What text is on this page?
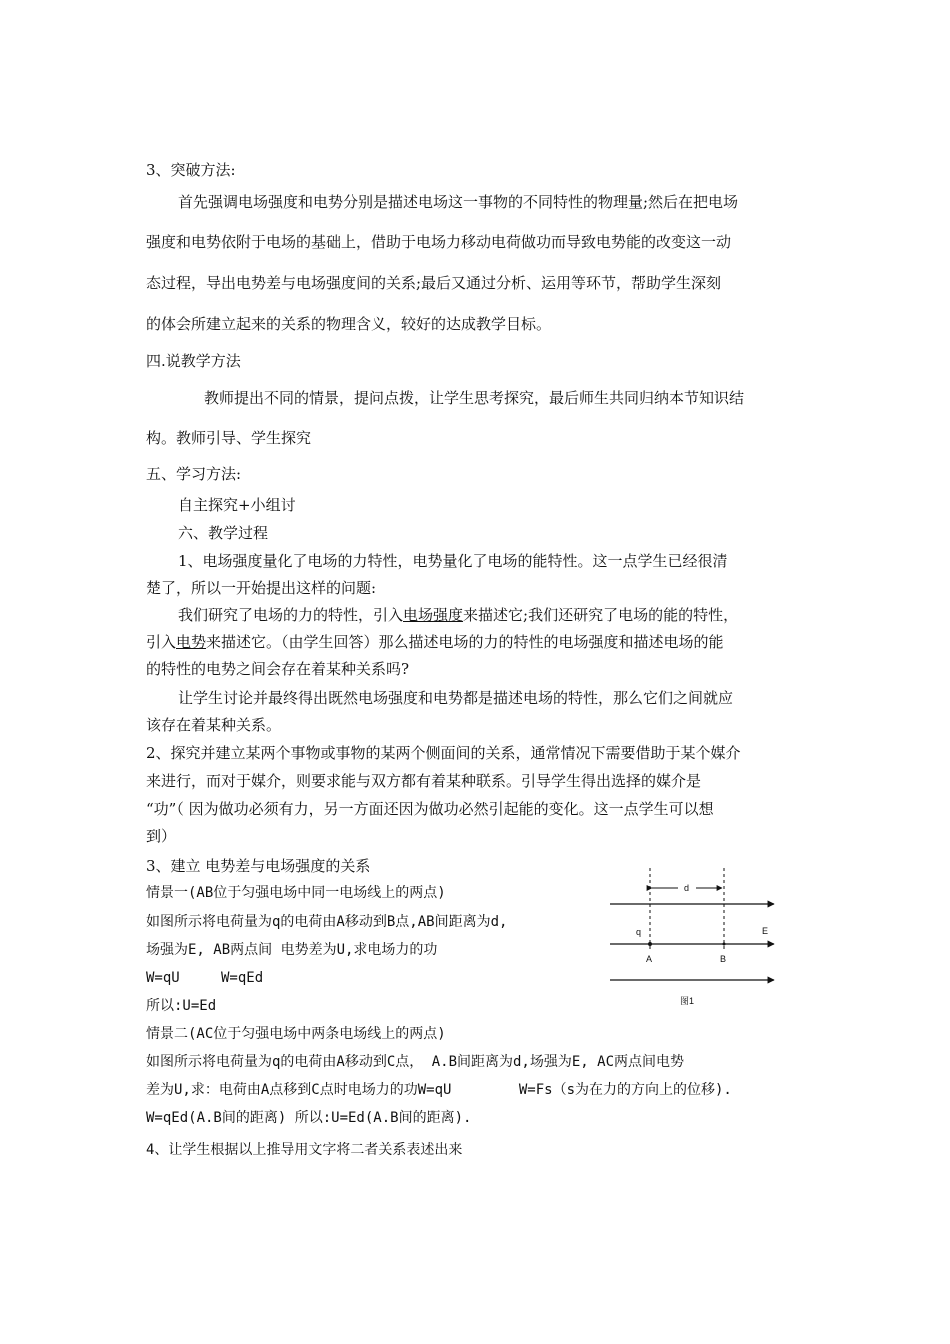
3、突破方法:
首先强调电场强度和电势分别是描述电场这一事物的不同特性的物理量;然后在把电场
强度和电势依附于电场的基础上，借助于电场力移动电荷做功而导致电势能的改变这一动
态过程，导出电势差与电场强度间的关系;最后又通过分析、运用等环节，帮助学生深刻
的体会所建立起来的关系的物理含义，较好的达成教学目标。
四.说教学方法
教师提出不同的情景，提问点拨，让学生思考探究，最后师生共同归纳本节知识结
构。教师引导、学生探究
五、学习方法:
自主探究+小组讨
六、教学过程
1、电场强度量化了电场的力特性，电势量化了电场的能特性。这一点学生已经很清
楚了，所以一开始提出这样的问题:
我们研究了电场的力的特性，引入电场强度来描述它;我们还研究了电场的能的特性，
引入电势来描述它。（由学生回答）那么描述电场的力的特性的电场强度和描述电场的能
的特性的电势之间会存在着某种关系吗?
让学生讨论并最终得出既然电场强度和电势都是描述电场的特性，那么它们之间就应
该存在着某种关系。
2、探究并建立某两个事物或事物的某两个侧面间的关系，通常情况下需要借助于某个媒介
来进行，而对于媒介，则要求能与双方都有着某种联系。引导学生得出选择的媒介是
“功”（ 因为做功必须有力，另一方面还因为做功必然引起能的变化。这一点学生可以想
到）
3、建立 电势差与电场强度的关系
情景一(AB位于匀强电场中同一电场线上的两点)
如图所示将电荷量为q的电荷由A移动到B点,AB间距离为d,
场强为E, AB两点间 电势差为U,求电场力的功
W=qU	W=qEd
所以:U=Ed
情景二(AC位于匀强电场中两条电场线上的两点)
如图所示将电荷量为q的电荷由A移动到C点， A.B间距离为d,场强为E, AC两点间电势
差为U,求：电荷由A点移到C点时电场力的功W=qU        W=Fs（s为在力的方向上的位移).
W=qEd(A.B间的距离) 所以:U=Ed(A.B间的距离).
4、让学生根据以上推导用文字将二者关系表述出来
d
q	E
A	B
图1
